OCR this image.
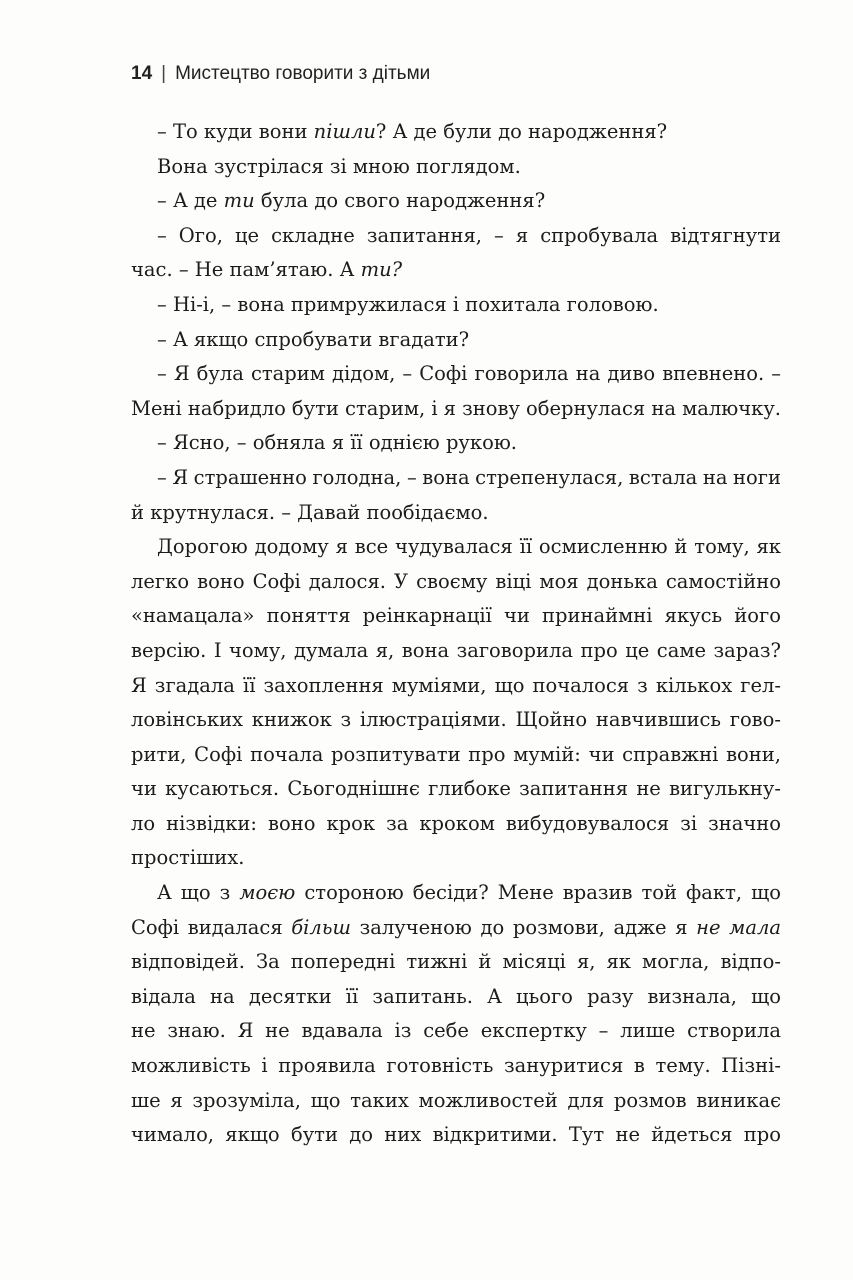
14 | Мистецтво говорити з дітьми
– То куди вони пішли? А де були до народження?
Вона зустрілася зі мною поглядом.
– А де ти була до свого народження?
– Ого, це складне запитання, – я спробувала відтягнути
час. – Не пам’ятаю. А ти?
– Ні-і, – вона примружилася і похитала головою.
– А якщо спробувати вгадати?
– Я була старим дідом, – Софі говорила на диво впевнено. –
Мені набридло бути старим, і я знову обернулася на малючку.
– Ясно, – обняла я її однією рукою.
– Я страшенно голодна, – вона стрепенулася, встала на ноги
й крутнулася. – Давай пообідаємо.
Дорогою додому я все чудувалася її осмисленню й тому, як
легко воно Софі далося. У своєму віці моя донька самостійно
«намацала» поняття реінкарнації чи принаймні якусь його
версію. І чому, думала я, вона заговорила про це саме зараз?
Я згадала її захоплення муміями, що почалося з кількох гел-
ловінських книжок з ілюстраціями. Щойно навчившись гово-
рити, Софі почала розпитувати про мумій: чи справжні вони,
чи кусаються. Сьогоднішнє глибоке запитання не вигулькну-
ло нізвідки: воно крок за кроком вибудовувалося зі значно
простіших.
А що з моєю стороною бесіди? Мене вразив той факт, що
Софі видалася більш залученою до розмови, адже я не мала
відповідей. За попередні тижні й місяці я, як могла, відпо-
відала на десятки її запитань. А цього разу визнала, що
не знаю. Я не вдавала із себе експертку – лише створила
можливість і проявила готовність зануритися в тему. Пізні-
ше я зрозуміла, що таких можливостей для розмов виникає
чимало, якщо бути до них відкритими. Тут не йдеться про
